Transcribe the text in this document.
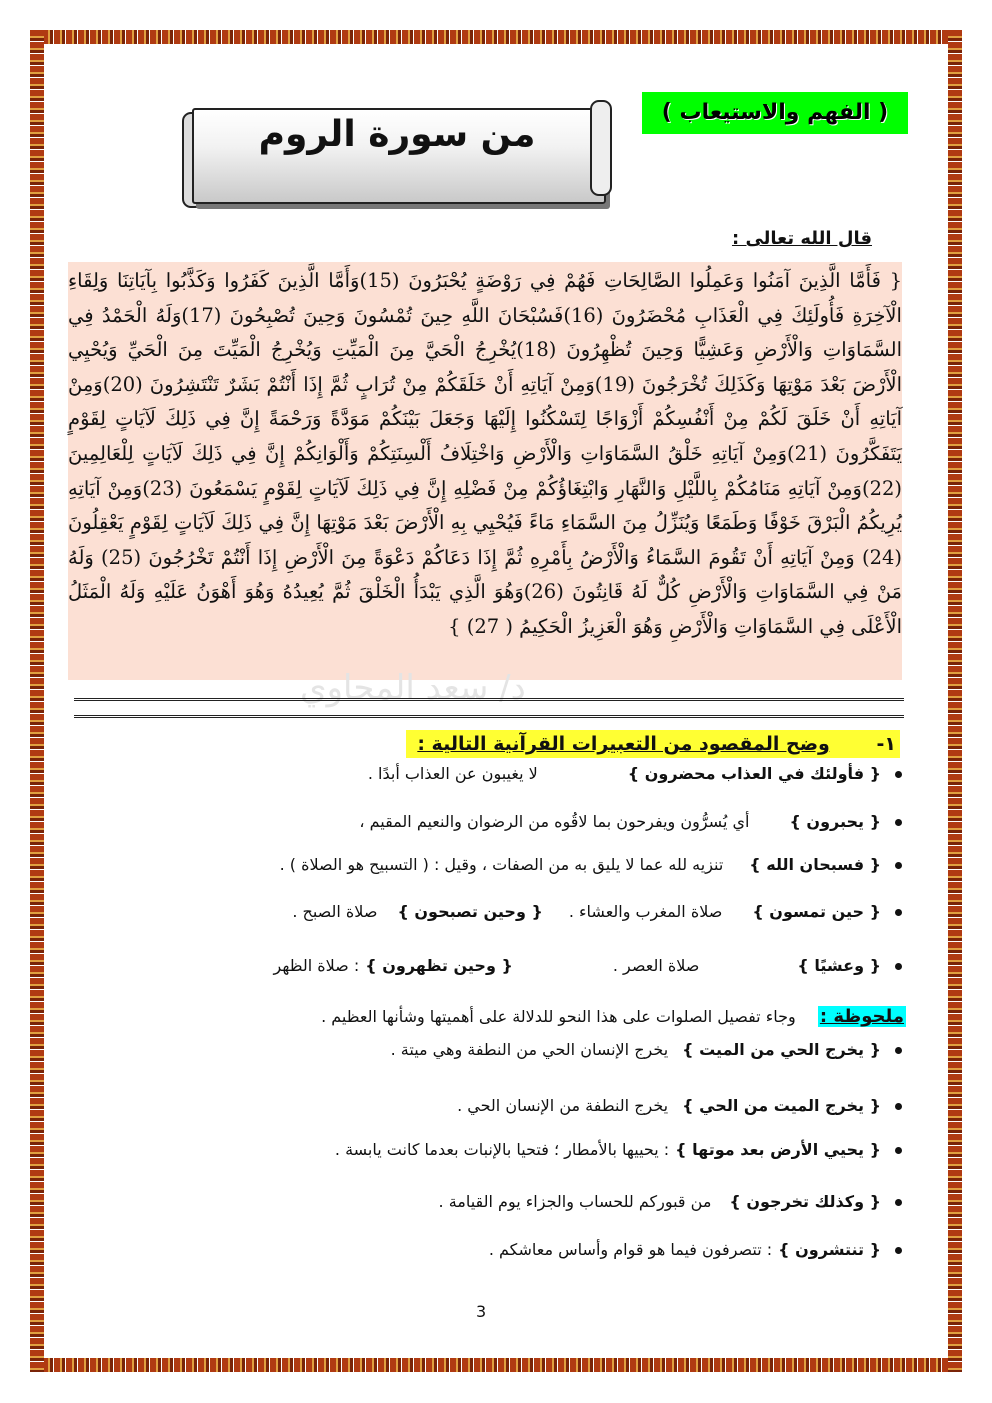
من سورة الروم
( الفهم والاستيعاب )
قال الله تعالى :
{ فَأَمَّا الَّذِينَ آمَنُوا وَعَمِلُوا الصَّالِحَاتِ فَهُمْ فِي رَوْضَةٍ يُحْبَرُونَ (15)وَأَمَّا الَّذِينَ كَفَرُوا وَكَذَّبُوا بِآيَاتِنَا وَلِقَاءِ الْآخِرَةِ فَأُولَئِكَ فِي الْعَذَابِ مُحْضَرُونَ (16)فَسُبْحَانَ اللَّهِ حِينَ تُمْسُونَ وَحِينَ تُصْبِحُونَ (17)وَلَهُ الْحَمْدُ فِي السَّمَاوَاتِ وَالْأَرْضِ وَعَشِيًّا وَحِينَ تُظْهِرُونَ (18)يُخْرِجُ الْحَيَّ مِنَ الْمَيِّتِ وَيُخْرِجُ الْمَيِّتَ مِنَ الْحَيِّ وَيُحْيِي الْأَرْضَ بَعْدَ مَوْتِهَا وَكَذَلِكَ تُخْرَجُونَ (19)وَمِنْ آيَاتِهِ أَنْ خَلَقَكُمْ مِنْ تُرَابٍ ثُمَّ إِذَا أَنْتُمْ بَشَرٌ تَنْتَشِرُونَ (20)وَمِنْ آيَاتِهِ أَنْ خَلَقَ لَكُمْ مِنْ أَنْفُسِكُمْ أَزْوَاجًا لِتَسْكُنُوا إِلَيْهَا وَجَعَلَ بَيْنَكُمْ مَوَدَّةً وَرَحْمَةً إِنَّ فِي ذَلِكَ لَآيَاتٍ لِقَوْمٍ يَتَفَكَّرُونَ (21)وَمِنْ آيَاتِهِ خَلْقُ السَّمَاوَاتِ وَالْأَرْضِ وَاخْتِلَافُ أَلْسِنَتِكُمْ وَأَلْوَانِكُمْ إِنَّ فِي ذَلِكَ لَآيَاتٍ لِلْعَالِمِينَ (22)وَمِنْ آيَاتِهِ مَنَامُكُمْ بِاللَّيْلِ وَالنَّهَارِ وَابْتِغَاؤُكُمْ مِنْ فَضْلِهِ إِنَّ فِي ذَلِكَ لَآيَاتٍ لِقَوْمٍ يَسْمَعُونَ (23)وَمِنْ آيَاتِهِ يُرِيكُمُ الْبَرْقَ خَوْفًا وَطَمَعًا وَيُنَزِّلُ مِنَ السَّمَاءِ مَاءً فَيُحْيِي بِهِ الْأَرْضَ بَعْدَ مَوْتِهَا إِنَّ فِي ذَلِكَ لَآيَاتٍ لِقَوْمٍ يَعْقِلُونَ (24) وَمِنْ آيَاتِهِ أَنْ تَقُومَ السَّمَاءُ وَالْأَرْضُ بِأَمْرِهِ ثُمَّ إِذَا دَعَاكُمْ دَعْوَةً مِنَ الْأَرْضِ إِذَا أَنْتُمْ تَخْرُجُونَ (25) وَلَهُ مَنْ فِي السَّمَاوَاتِ وَالْأَرْضِ كُلٌّ لَهُ قَانِتُونَ (26)وَهُوَ الَّذِي يَبْدَأُ الْخَلْقَ ثُمَّ يُعِيدُهُ وَهُوَ أَهْوَنُ عَلَيْهِ وَلَهُ الْمَثَلُ الْأَعْلَى فِي السَّمَاوَاتِ وَالْأَرْضِ وَهُوَ الْعَزِيزُ الْحَكِيمُ ( 27) }
د/ سعد المحاوي
١- وضح المقصود من التعبيرات القرآنية التالية :
{ فأولئك في العذاب محضرون }لا يغيبون عن العذاب أبدًا .
{ يحبرون }أي يُسرُّون ويفرحون بما لاقُوه من الرضوان والنعيم المقيم ،
{ فسبحان الله }تنزيه لله عما لا يليق به من الصفات ، وقيل : ( التسبيح هو الصلاة ) .
{ حين تمسون }صلاة المغرب والعشاء .{ وحين تصبحون }صلاة الصبح .
{ وعشيًا }صلاة العصر .{ وحين تظهرون }: صلاة الظهر
ملحوظة :  وجاء تفصيل الصلوات على هذا النحو للدلالة على أهميتها وشأنها العظيم .
{ يخرج الحي من الميت }يخرج الإنسان الحي من النطفة وهي ميتة .
{ يخرج الميت من الحي }يخرج النطفة من الإنسان الحي .
{ يحيي الأرض بعد موتها }: يحييها بالأمطار ؛ فتحيا بالإنبات بعدما كانت يابسة .
{ وكذلك تخرجون }من قبوركم للحساب والجزاء يوم القيامة .
{ تنتشرون }: تتصرفون فيما هو قوام وأساس معاشكم .
3
